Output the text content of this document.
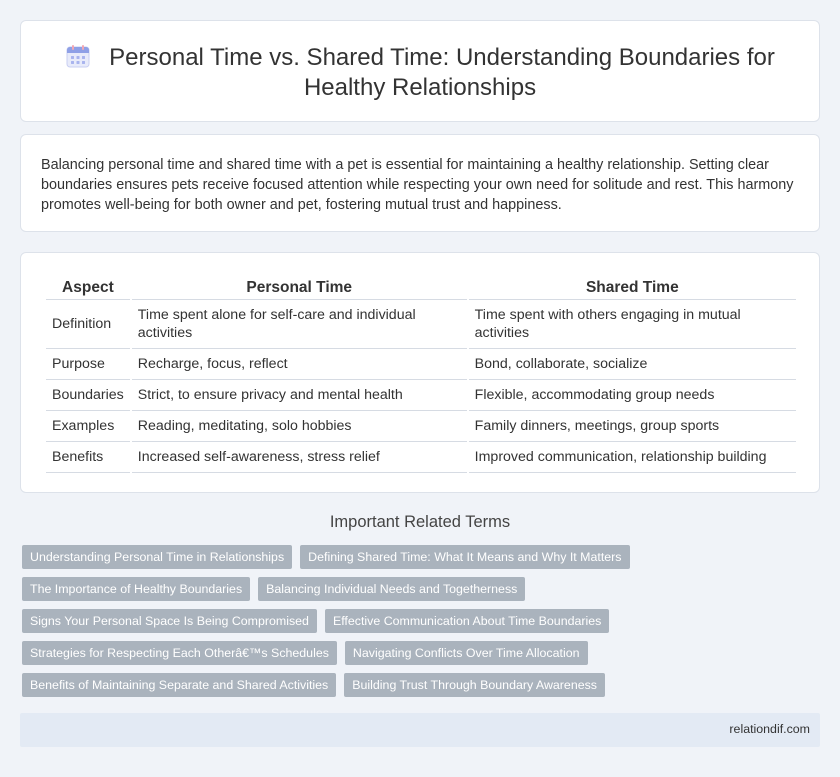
Personal Time vs. Shared Time: Understanding Boundaries for Healthy Relationships

Balancing personal time and shared time with a pet is essential for maintaining a healthy relationship. Setting clear boundaries ensures pets receive focused attention while respecting your own need for solitude and rest. This harmony promotes well-being for both owner and pet, fostering mutual trust and happiness.

Aspect	Personal Time	Shared Time
Definition	Time spent alone for self-care and individual activities	Time spent with others engaging in mutual activities
Purpose	Recharge, focus, reflect	Bond, collaborate, socialize
Boundaries	Strict, to ensure privacy and mental health	Flexible, accommodating group needs
Examples	Reading, meditating, solo hobbies	Family dinners, meetings, group sports
Benefits	Increased self-awareness, stress relief	Improved communication, relationship building
Important Related Terms
Understanding Personal Time in Relationships	Defining Shared Time: What It Means and Why It Matters
The Importance of Healthy Boundaries	Balancing Individual Needs and Togetherness
Signs Your Personal Space Is Being Compromised	Effective Communication About Time Boundaries
Strategies for Respecting Each Otherâ€™s Schedules	Navigating Conflicts Over Time Allocation
Benefits of Maintaining Separate and Shared Activities	Building Trust Through Boundary Awareness
relationdif.com
